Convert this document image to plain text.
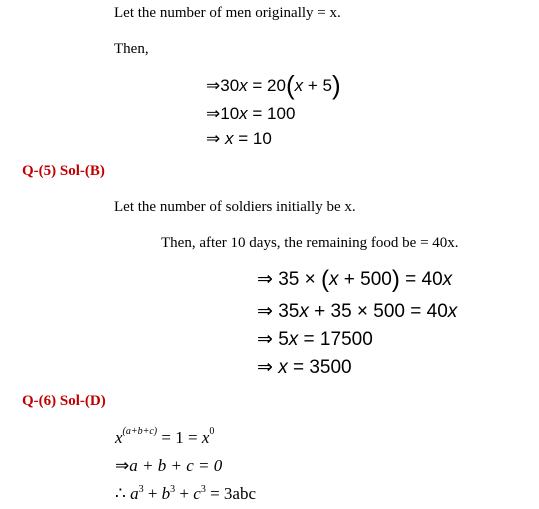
Let the number of men originally = x.
Then,
⇒30x = 20(x + 5)
⇒10x = 100
⇒ x = 10
Q-(5) Sol-(B)
Let the number of soldiers initially be x.
Then, after 10 days, the remaining food be = 40x.
⇒ 35 × (x + 500) = 40x
⇒ 35x + 35 × 500 = 40x
⇒ 5x = 17500
⇒ x = 3500
Q-(6) Sol-(D)
$x^{(a+b+c)} = 1 = x^0$
⇒a + b + c = 0
∴ $a^3 + b^3 + c^3 = 3abc$
